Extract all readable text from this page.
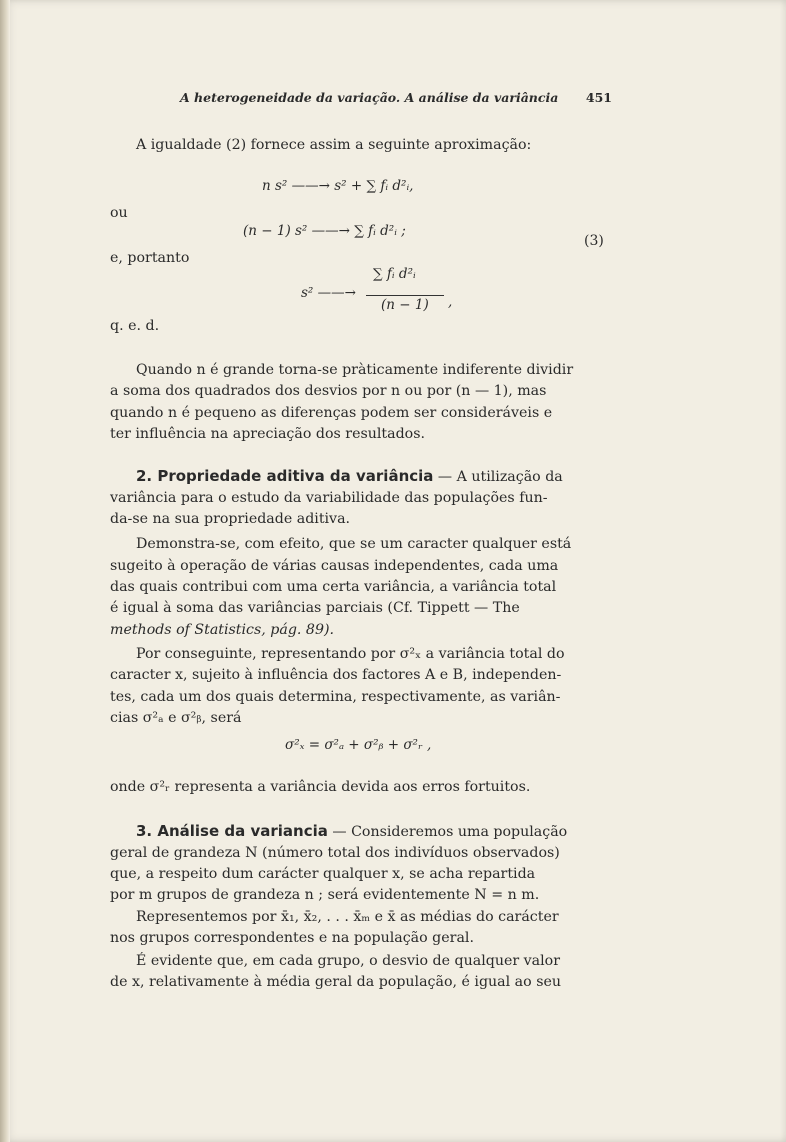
A heterogeneidade da variação. A análise da variância 451
A igualdade (2) fornece assim a seguinte aproximação:
n s² ——→ s² + ∑ fᵢ d²ᵢ,
ou
(n − 1) s² ——→ ∑ fᵢ d²ᵢ ;
(3)
e, portanto
s² ——→
∑ fᵢ d²ᵢ
(n − 1) ,
q. e. d.
Quando n é grande torna-se pràticamente indiferente dividir
a soma dos quadrados dos desvios por n ou por (n — 1), mas
quando n é pequeno as diferenças podem ser consideráveis e
ter influência na apreciação dos resultados.
2. Propriedade aditiva da variância — A utilização da
variância para o estudo da variabilidade das populações fun-
da-se na sua propriedade aditiva.
Demonstra-se, com efeito, que se um caracter qualquer está
sugeito à operação de várias causas independentes, cada uma
das quais contribui com uma certa variância, a variância total
é igual à soma das variâncias parciais (Cf. Tippett — The
methods of Statistics, pág. 89).
Por conseguinte, representando por σ²ₓ a variância total do
caracter x, sujeito à influência dos factores A e B, independen-
tes, cada um dos quais determina, respectivamente, as variân-
cias σ²ₐ e σ²ᵦ, será
σ²ₓ = σ²ₐ + σ²ᵦ + σ²ᵣ ,
onde σ²ᵣ representa a variância devida aos erros fortuitos.
3. Análise da variancia — Consideremos uma população
geral de grandeza N (número total dos indivíduos observados)
que, a respeito dum carácter qualquer x, se acha repartida
por m grupos de grandeza n ; será evidentemente N = n m.
Representemos por x̄₁, x̄₂, . . . x̄ₘ e x̄ as médias do carácter
nos grupos correspondentes e na população geral.
É evidente que, em cada grupo, o desvio de qualquer valor
de x, relativamente à média geral da população, é igual ao seu
